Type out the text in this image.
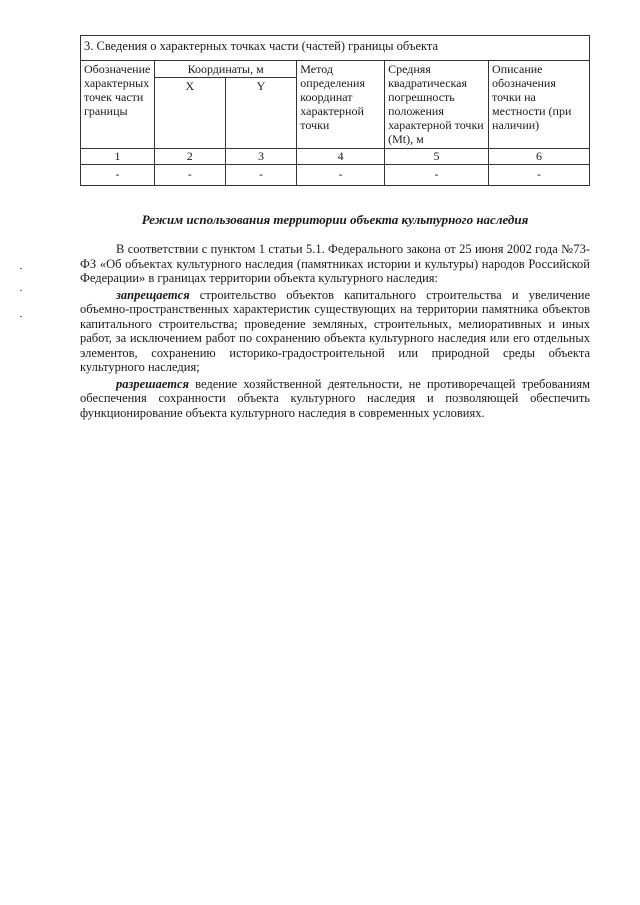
3. Сведения о характерных точках части (частей) границы объекта					
Обозначение характерных точек части границы	Координаты, м		Метод определения координат характерной точки	Средняя квадратическая погрешность положения характерной точки (Mt), м	Описание обозначения точки на местности (при наличии)
	X	Y			
1	2	3	4	5	6
-	-	-	-	-	-
Режим использования территории объекта культурного наследия

В соответствии с пунктом 1 статьи 5.1. Федерального закона от 25 июня 2002 года №73-ФЗ «Об объектах культурного наследия (памятниках истории и культуры) народов Российской Федерации» в границах территории объекта культурного наследия:

запрещается строительство объектов капитального строительства и увеличение объемно-пространственных характеристик существующих на территории памятника объектов капитального строительства; проведение земляных, строительных, мелиоративных и иных работ, за исключением работ по сохранению объекта культурного наследия или его отдельных элементов, сохранению историко-градостроительной или природной среды объекта культурного наследия;

разрешается ведение хозяйственной деятельности, не противоречащей требованиям обеспечения сохранности объекта культурного наследия и позволяющей обеспечить функционирование объекта культурного наследия в современных условиях.
